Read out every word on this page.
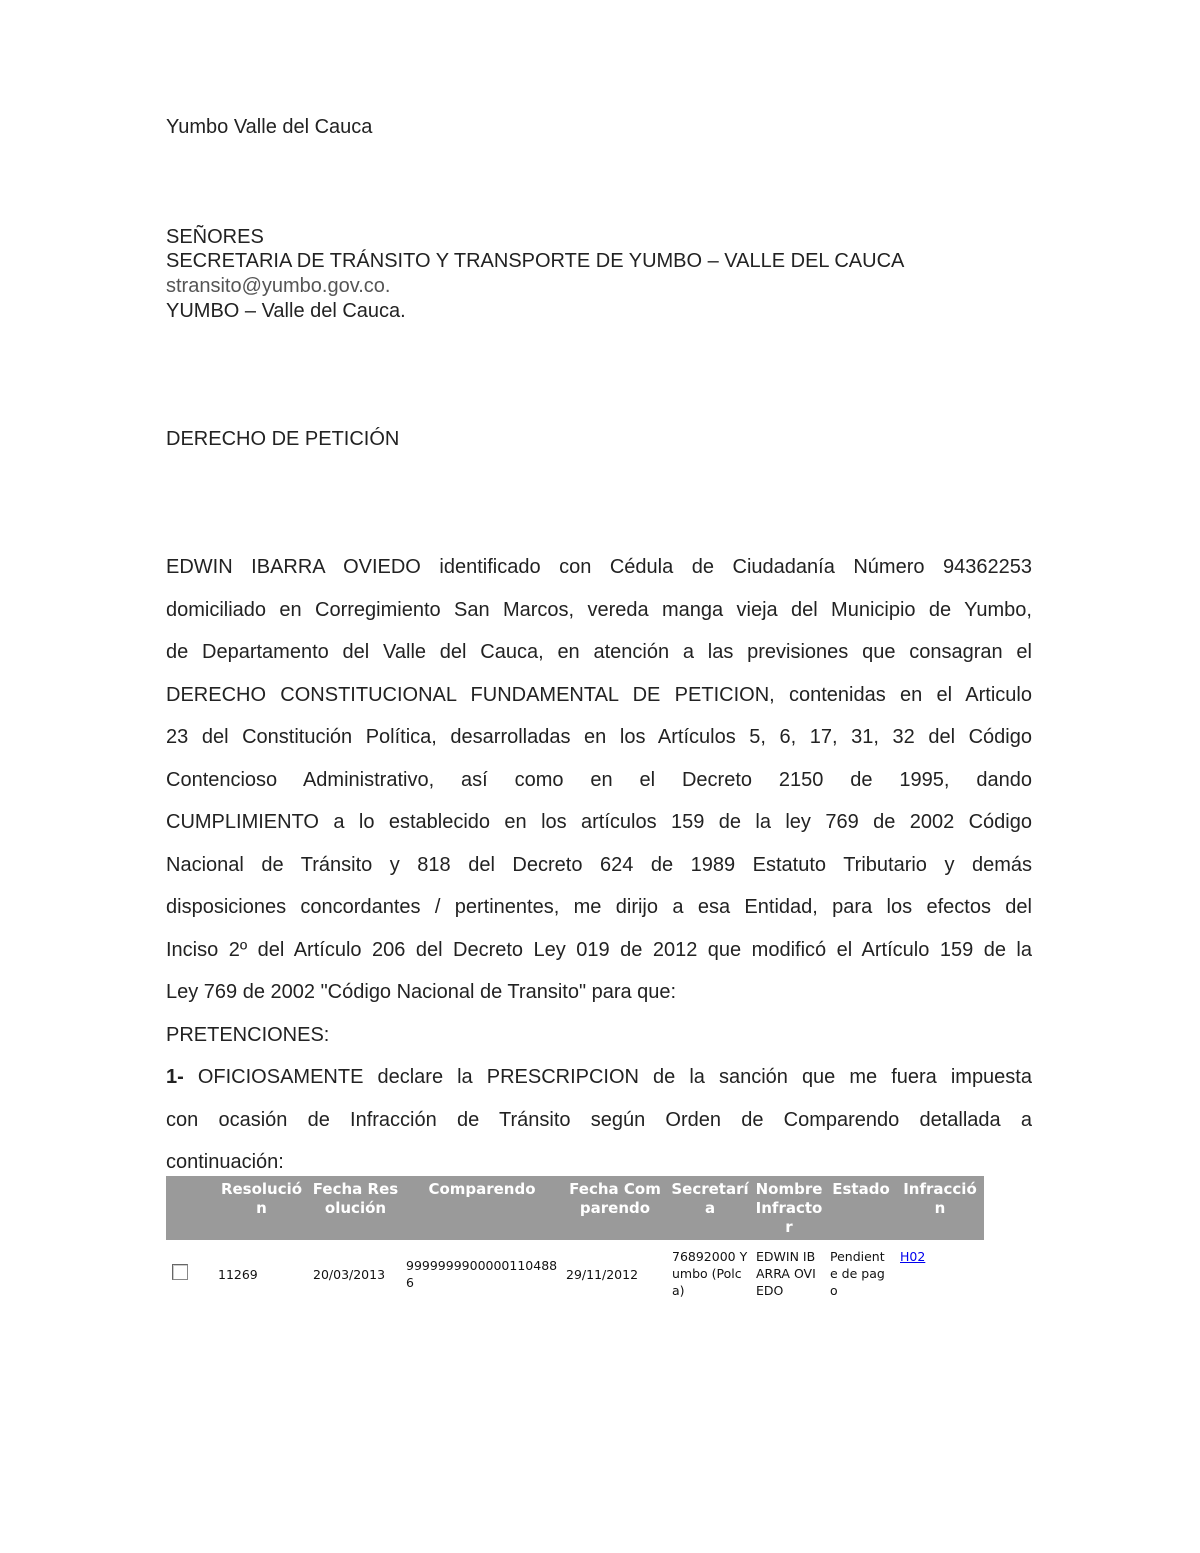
Yumbo Valle del Cauca
SEÑORES
SECRETARIA DE TRÁNSITO Y TRANSPORTE DE YUMBO – VALLE DEL CAUCA
stransito@yumbo.gov.co.
YUMBO – Valle del Cauca.
DERECHO DE PETICIÓN

EDWIN IBARRA OVIEDO identificado con Cédula de Ciudadanía Número 94362253

domiciliado en Corregimiento San Marcos, vereda manga vieja del Municipio de Yumbo,

de Departamento del Valle del Cauca, en atención a las previsiones que consagran el

DERECHO CONSTITUCIONAL FUNDAMENTAL DE PETICION, contenidas en el Articulo

23 del Constitución Política, desarrolladas en los Artículos 5, 6, 17, 31, 32 del Código

Contencioso Administrativo, así como en el Decreto 2150 de 1995, dando

CUMPLIMIENTO a lo establecido en los artículos 159 de la ley 769 de 2002 Código

Nacional de Tránsito y 818 del Decreto 624 de 1989 Estatuto Tributario y demás

disposiciones concordantes / pertinentes, me dirijo a esa Entidad, para los efectos del

Inciso 2º del Artículo 206 del Decreto Ley 019 de 2012 que modificó el Artículo 159 de la

Ley 769 de 2002 "Código Nacional de Transito" para que:

PRETENCIONES:

1- OFICIOSAMENTE declare la PRESCRIPCION de la sanción que me fuera impuesta

con ocasión de Infracción de Tránsito según Orden de Comparendo detallada a

continuación:

	Resolución	Fecha Resolución	Comparendo	Fecha Comparendo	Secretaría	Nombre Infractor	Estado	Infracción
	11269	20/03/2013	99999999000001104886	29/11/2012	76892000 Yumbo (Polca)	EDWIN IBARRA OVIEDO	Pendiente de pago	H02
